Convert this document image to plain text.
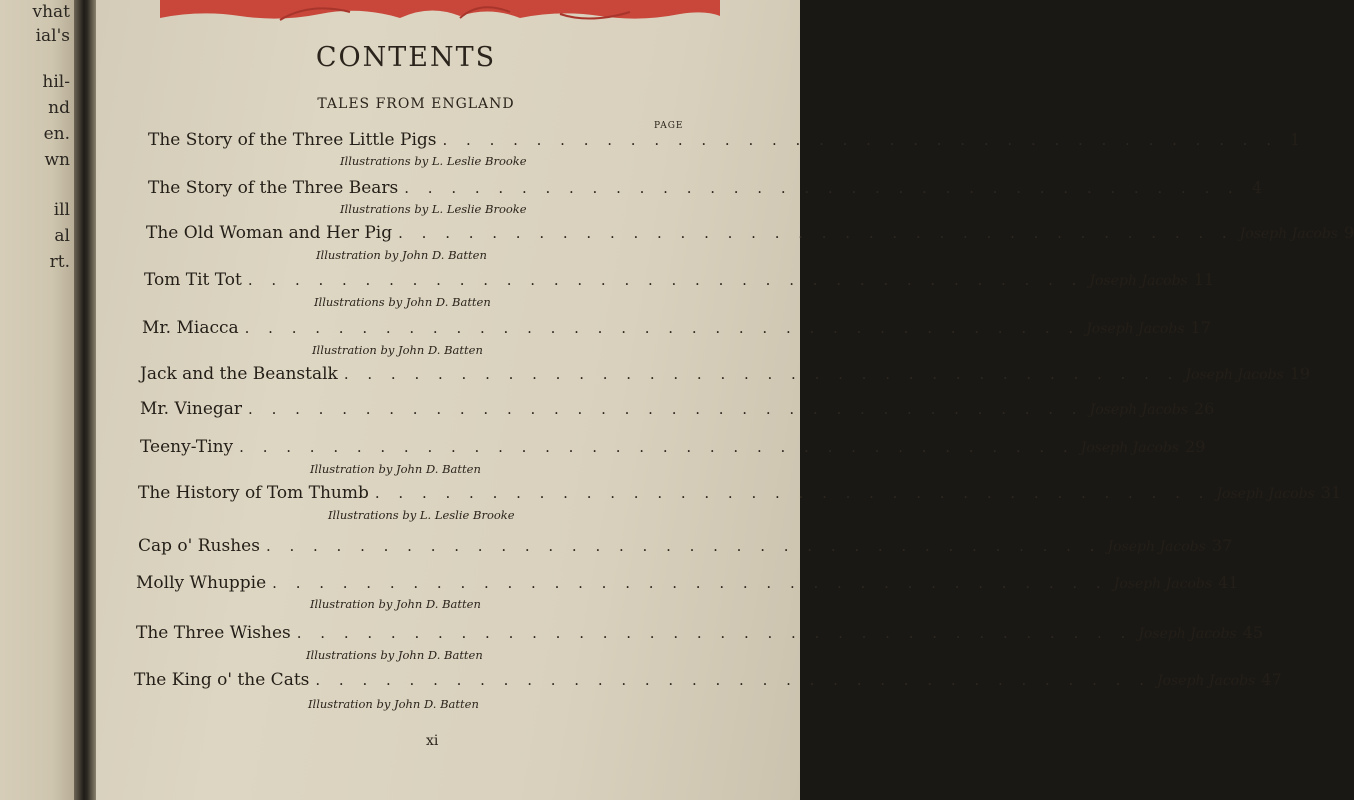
vhat
ial's
hil-
nd
en.
wn
ill
al
rt.
CONTENTS
TALES FROM ENGLAND
PAGE
The Story of the Three Little Pigs . . . . . . . . . . . . . . . . . . . . . . . . . . . . . . . . . . . . 1
Illustrations by L. Leslie Brooke
The Story of the Three Bears . . . . . . . . . . . . . . . . . . . . . . . . . . . . . . . . . . . . 4
Illustrations by L. Leslie Brooke
The Old Woman and Her Pig . . . . . . . . . . . . . . . . . . . . . . . . . . . . . . . . . . . . Joseph Jacobs 9
Illustration by John D. Batten
Tom Tit Tot . . . . . . . . . . . . . . . . . . . . . . . . . . . . . . . . . . . . Joseph Jacobs 11
Illustrations by John D. Batten
Mr. Miacca . . . . . . . . . . . . . . . . . . . . . . . . . . . . . . . . . . . . Joseph Jacobs 17
Illustration by John D. Batten
Jack and the Beanstalk . . . . . . . . . . . . . . . . . . . . . . . . . . . . . . . . . . . . Joseph Jacobs 19
Mr. Vinegar . . . . . . . . . . . . . . . . . . . . . . . . . . . . . . . . . . . . Joseph Jacobs 26
Teeny-Tiny . . . . . . . . . . . . . . . . . . . . . . . . . . . . . . . . . . . . Joseph Jacobs 29
Illustration by John D. Batten
The History of Tom Thumb . . . . . . . . . . . . . . . . . . . . . . . . . . . . . . . . . . . . Joseph Jacobs 31
Illustrations by L. Leslie Brooke
Cap o' Rushes . . . . . . . . . . . . . . . . . . . . . . . . . . . . . . . . . . . . Joseph Jacobs 37
Molly Whuppie . . . . . . . . . . . . . . . . . . . . . . . . . . . . . . . . . . . . Joseph Jacobs 41
Illustration by John D. Batten
The Three Wishes . . . . . . . . . . . . . . . . . . . . . . . . . . . . . . . . . . . . Joseph Jacobs 45
Illustrations by John D. Batten
The King o' the Cats . . . . . . . . . . . . . . . . . . . . . . . . . . . . . . . . . . . . Joseph Jacobs 47
Illustration by John D. Batten
xi
